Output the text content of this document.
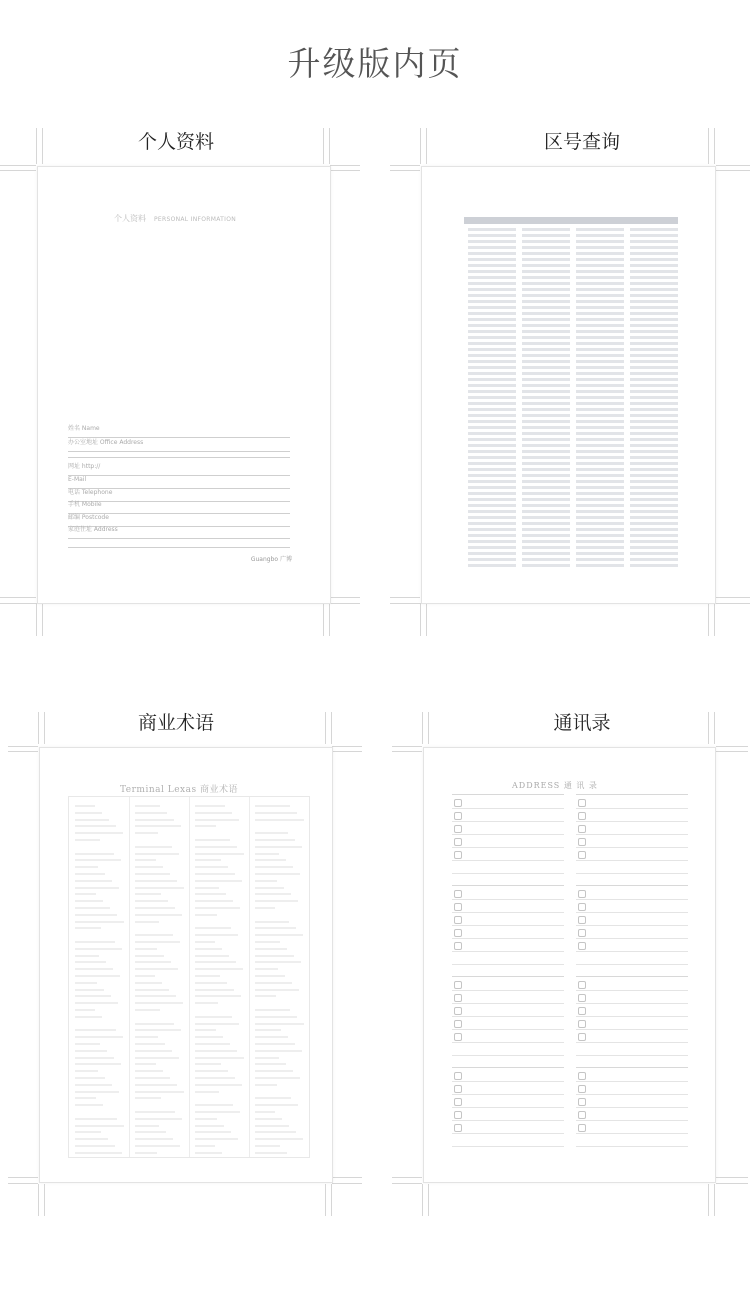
升级版内页
个人资料	区号查询
商业术语	通讯录
个人资料 PERSONAL INFORMATION
姓名 Name
办公室地址 Office Address
网址 http://
E-Mail
电话 Telephone
手机 Mobile
邮编 Postcode
家庭住址 Address
Guangbo 广博
Terminal Lexas 商业术语	ADDRESS 通 讯 录
